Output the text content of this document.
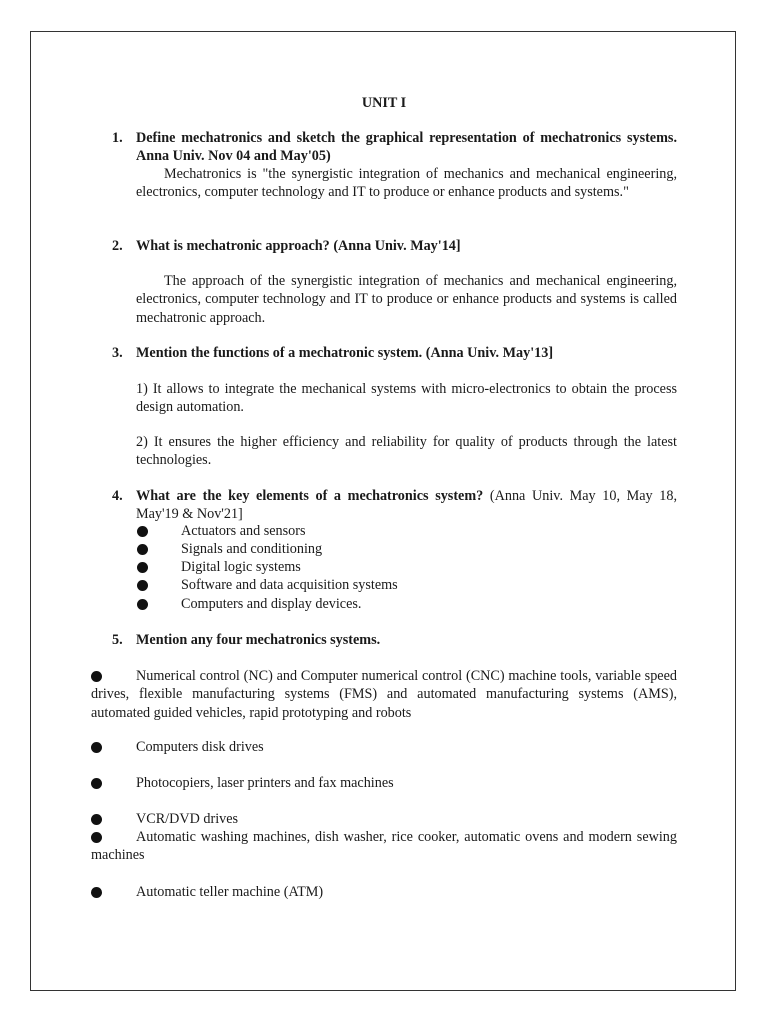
UNIT I
1. Define mechatronics and sketch the graphical representation of mechatronics systems. Anna Univ. Nov 04 and May'05)

Mechatronics is "the synergistic integration of mechanics and mechanical engineering, electronics, computer technology and IT to produce or enhance products and systems."

2. What is mechatronic approach? (Anna Univ. May'14]

The approach of the synergistic integration of mechanics and mechanical engineering, electronics, computer technology and IT to produce or enhance products and systems is called mechatronic approach.

3. Mention the functions of a mechatronic system. (Anna Univ. May'13]

1) It allows to integrate the mechanical systems with micro-electronics to obtain the process design automation.

2) It ensures the higher efficiency and reliability for quality of products through the latest technologies.

4. What are the key elements of a mechatronics system? (Anna Univ. May 10, May 18, May'19 & Nov'21]

Actuators and sensors

Signals and conditioning

Digital logic systems

Software and data acquisition systems

Computers and display devices.

5. Mention any four mechatronics systems.

Numerical control (NC) and Computer numerical control (CNC) machine tools, variable speed drives, flexible manufacturing systems (FMS) and automated manufacturing systems (AMS), automated guided vehicles, rapid prototyping and robots

Computers disk drives

Photocopiers, laser printers and fax machines

VCR/DVD drives

Automatic washing machines, dish washer, rice cooker, automatic ovens and modern sewing machines

Automatic teller machine (ATM)
